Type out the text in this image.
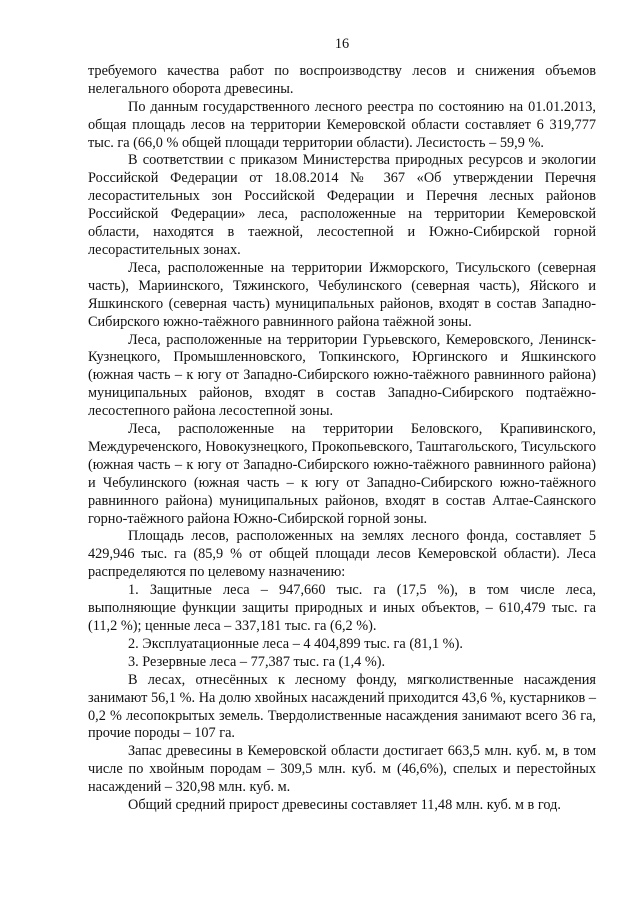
16

требуемого качества работ по воспроизводству лесов и снижения объемов нелегального оборота древесины.

По данным государственного лесного реестра по состоянию на 01.01.2013, общая площадь лесов на территории Кемеровской области составляет 6 319,777 тыс. га (66,0 % общей площади территории области). Лесистость – 59,9 %.

В соответствии с приказом Министерства природных ресурсов и экологии Российской Федерации от 18.08.2014 № 367 «Об утверждении Перечня лесорастительных зон Российской Федерации и Перечня лесных районов Российской Федерации» леса, расположенные на территории Кемеровской области, находятся в таежной, лесостепной и Южно-Сибирской горной лесорастительных зонах.

Леса, расположенные на территории Ижморского, Тисульского (северная часть), Мариинского, Тяжинского, Чебулинского (северная часть), Яйского и Яшкинского (северная часть) муниципальных районов, входят в состав Западно-Сибирского южно-таёжного равнинного района таёжной зоны.

Леса, расположенные на территории Гурьевского, Кемеровского, Ленинск-Кузнецкого, Промышленновского, Топкинского, Юргинского и Яшкинского (южная часть – к югу от Западно-Сибирского южно-таёжного равнинного района) муниципальных районов, входят в состав Западно-Сибирского подтаёжно-лесостепного района лесостепной зоны.

Леса, расположенные на территории Беловского, Крапивинского, Междуреченского, Новокузнецкого, Прокопьевского, Таштагольского, Тисульского (южная часть – к югу от Западно-Сибирского южно-таёжного равнинного района) и Чебулинского (южная часть – к югу от Западно-Сибирского южно-таёжного равнинного района) муниципальных районов, входят в состав Алтае-Саянского горно-таёжного района Южно-Сибирской горной зоны.

Площадь лесов, расположенных на землях лесного фонда, составляет 5 429,946 тыс. га (85,9 % от общей площади лесов Кемеровской области). Леса распределяются по целевому назначению:

1. Защитные леса – 947,660 тыс. га (17,5 %), в том числе леса, выполняющие функции защиты природных и иных объектов, – 610,479 тыс. га (11,2 %); ценные леса – 337,181 тыс. га (6,2 %).

2. Эксплуатационные леса – 4 404,899 тыс. га (81,1 %).

3. Резервные леса – 77,387 тыс. га (1,4 %).

В лесах, отнесённых к лесному фонду, мягколиственные насаждения занимают 56,1 %. На долю хвойных насаждений приходится 43,6 %, кустарников – 0,2 % лесопокрытых земель. Твердолиственные насаждения занимают всего 36 га, прочие породы – 107 га.

Запас древесины в Кемеровской области достигает 663,5 млн. куб. м, в том числе по хвойным породам – 309,5 млн. куб. м (46,6%), спелых и перестойных насаждений – 320,98 млн. куб. м.

Общий средний прирост древесины составляет 11,48 млн. куб. м в год.
